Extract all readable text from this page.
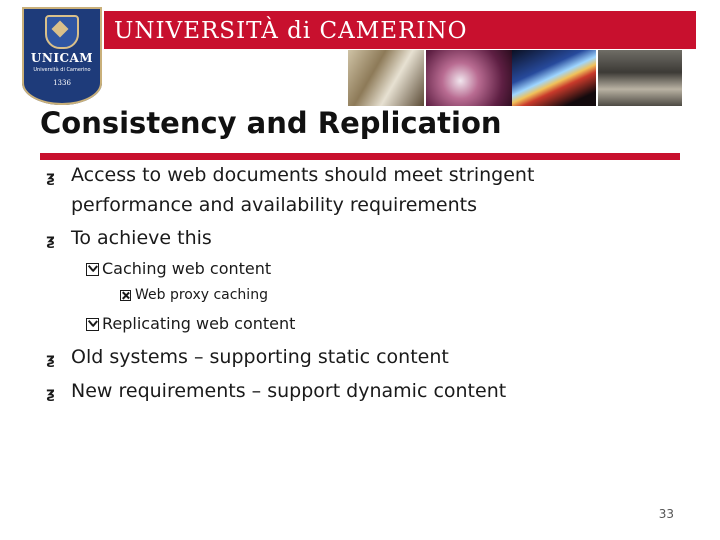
UNICAM
Università di Camerino
1336
UNIVERSITÀ di CAMERINO
Consistency and Replication
ƺ Access to web documents should meet stringent
performance and availability requirements
ƺ To achieve this
Caching web content
Web proxy caching
Replicating web content
ƺ Old systems – supporting static content
ƺ New requirements – support dynamic content
33
